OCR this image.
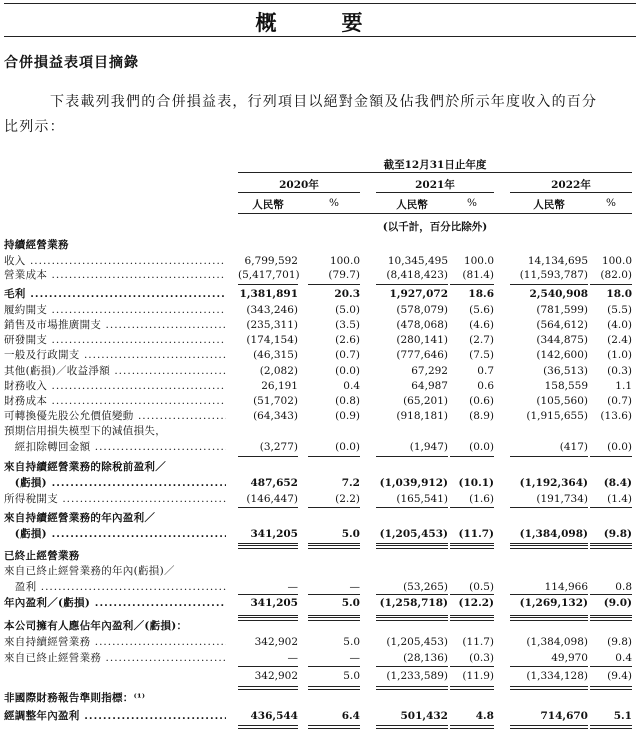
概　要
合併損益表項目摘錄
下表載列我們的合併損益表，行列項目以絕對金額及佔我們於所示年度收入的百分
比列示：
截至12月31日止年度
2020年	2021年	2022年
人民幣	%	人民幣	%	人民幣	%
(以千計，百分比除外)
持續經營業務
收入 .....	6,799,592	100.0	10,345,495	100.0	14,134,695	100.0
營業成本 .....	(5,417,701)	(79.7)	(8,418,423)	(81.4)	(11,593,787)	(82.0)
毛利 .....	1,381,891	20.3	1,927,072	18.6	2,540,908	18.0
履約開支 .....	(343,246)	(5.0)	(578,079)	(5.6)	(781,599)	(5.5)
銷售及市場推廣開支 .....	(235,311)	(3.5)	(478,068)	(4.6)	(564,612)	(4.0)
研發開支 .....	(174,154)	(2.6)	(280,141)	(2.7)	(344,875)	(2.4)
一般及行政開支 .....	(46,315)	(0.7)	(777,646)	(7.5)	(142,600)	(1.0)
其他(虧損)／收益淨額 .....	(2,082)	(0.0)	67,292	0.7	(36,513)	(0.3)
財務收入 .....	26,191	0.4	64,987	0.6	158,559	1.1
財務成本 .....	(51,702)	(0.8)	(65,201)	(0.6)	(105,560)	(0.7)
可轉換優先股公允價值變動 .....	(64,343)	(0.9)	(918,181)	(8.9)	(1,915,655)	(13.6)
預期信用損失模型下的減值損失，
　經扣除轉回金額 .....	(3,277)	(0.0)	(1,947)	(0.0)	(417)	(0.0)
來自持續經營業務的除稅前盈利／
　(虧損) .....	487,652	7.2	(1,039,912) (10.1)	(1,192,364)	(8.4)
所得稅開支 .....	(146,447)	(2.2)	(165,541)	(1.6)	(191,734)	(1.4)
來自持續經營業務的年內盈利／
　(虧損) .....	341,205	5.0	(1,205,453) (11.7)	(1,384,098)	(9.8)
已終止經營業務
來自已終止經營業務的年內(虧損)／
　盈利 .....	—	—	(53,265)	(0.5)	114,966	0.8
年內盈利／(虧損) .....	341,205	5.0	(1,258,718) (12.2)	(1,269,132)	(9.0)
本公司擁有人應佔年內盈利／(虧損)：
來自持續經營業務 .....	342,902	5.0	(1,205,453)	(11.7)	(1,384,098)	(9.8)
來自已終止經營業務 .....	—	—	(28,136)	(0.3)	49,970	0.4
342,902	5.0	(1,233,589)	(11.9)	(1,334,128)	(9.4)
非國際財務報告準則指標：⁽¹⁾
經調整年內盈利 .....	436,544	6.4	501,432	4.8	714,670	5.1
